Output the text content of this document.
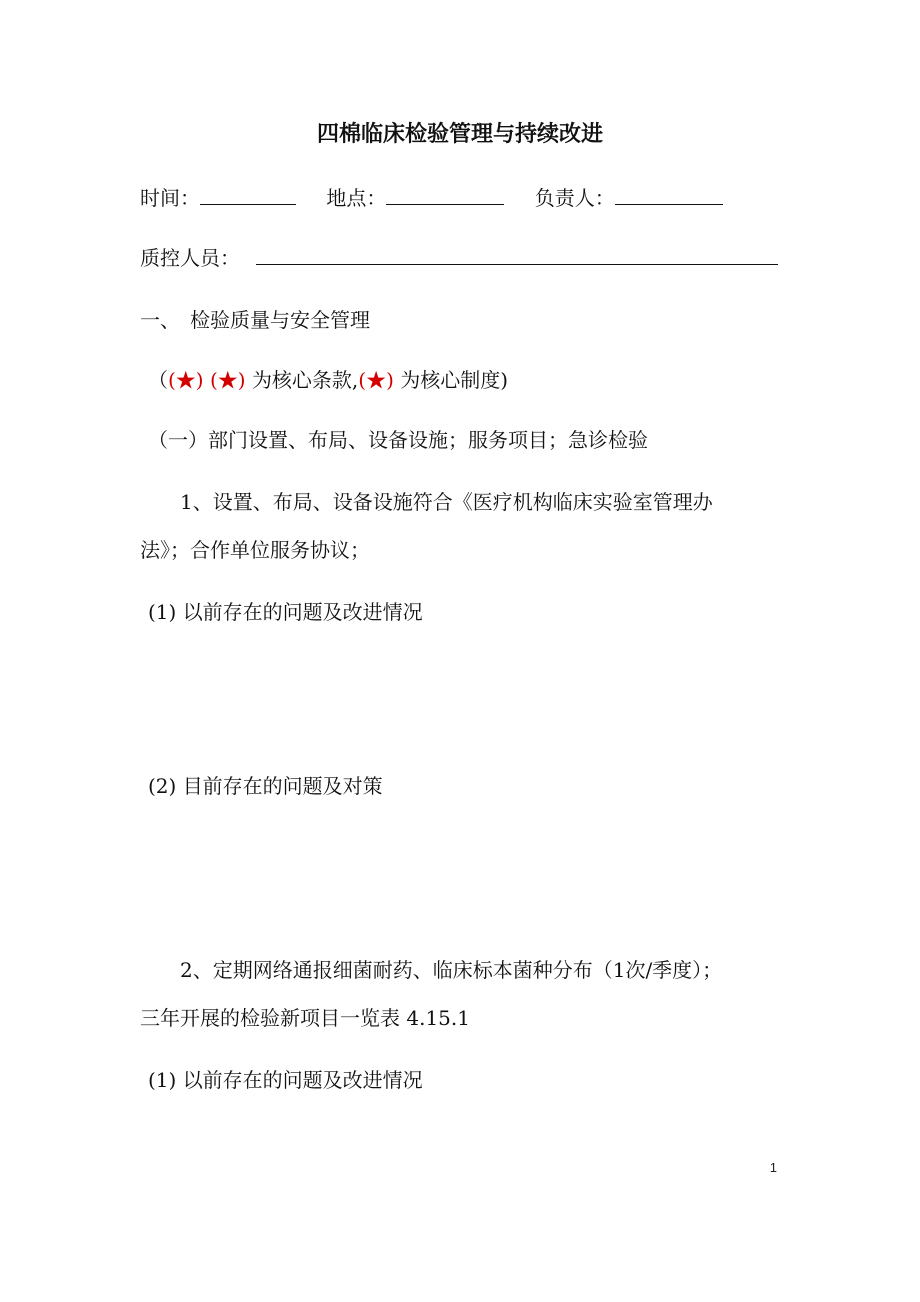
四棉临床检验管理与持续改进
时间：	地点：	负责人：
质控人员：
一、　检验质量与安全管理
（(★) (★) 为核心条款,(★) 为核心制度)
（一）部门设置、布局、设备设施；服务项目；急诊检验
1、设置、布局、设备设施符合《医疗机构临床实验室管理办
法》；合作单位服务协议；
(1) 以前存在的问题及改进情况
(2) 目前存在的问题及对策
2、定期网络通报细菌耐药、临床标本菌种分布（1次/季度）；
三年开展的检验新项目一览表 4.15.1
(1) 以前存在的问题及改进情况
1
